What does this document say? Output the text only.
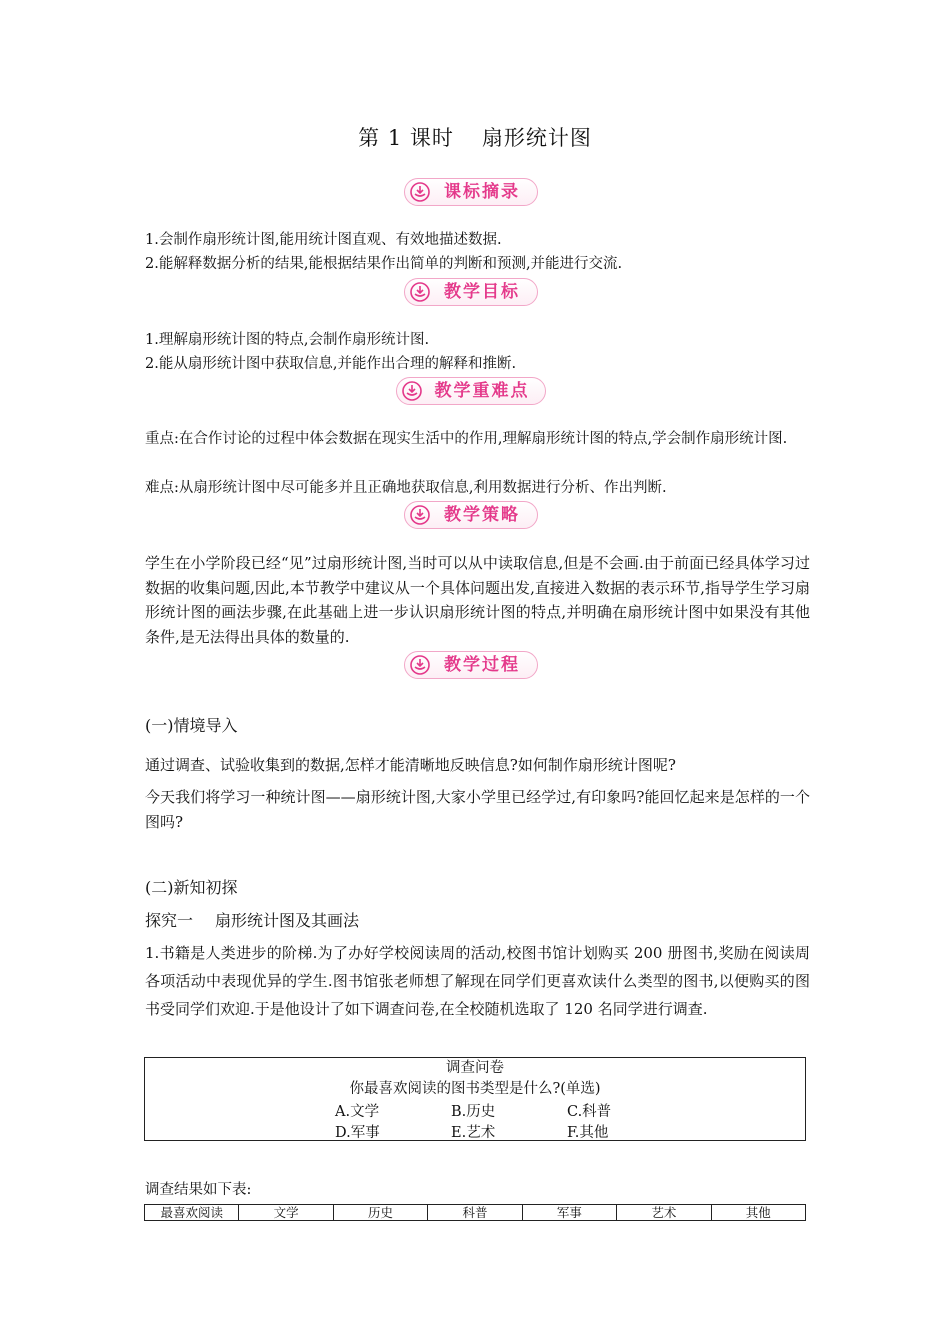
第 1 课时 扇形统计图
课标摘录
1.会制作扇形统计图,能用统计图直观、有效地描述数据.
2.能解释数据分析的结果,能根据结果作出简单的判断和预测,并能进行交流.
教学目标
1.理解扇形统计图的特点,会制作扇形统计图.
2.能从扇形统计图中获取信息,并能作出合理的解释和推断.
教学重难点
重点:在合作讨论的过程中体会数据在现实生活中的作用,理解扇形统计图的特点,学会制作扇形统计图.
难点:从扇形统计图中尽可能多并且正确地获取信息,利用数据进行分析、作出判断.
教学策略
学生在小学阶段已经“见”过扇形统计图,当时可以从中读取信息,但是不会画.由于前面已经具体学习过数据的收集问题,因此,本节教学中建议从一个具体问题出发,直接进入数据的表示环节,指导学生学习扇形统计图的画法步骤,在此基础上进一步认识扇形统计图的特点,并明确在扇形统计图中如果没有其他条件,是无法得出具体的数量的.
教学过程
(一)情境导入
通过调查、试验收集到的数据,怎样才能清晰地反映信息?如何制作扇形统计图呢?
今天我们将学习一种统计图——扇形统计图,大家小学里已经学过,有印象吗?能回忆起来是怎样的一个图吗?
(二)新知初探
探究一 扇形统计图及其画法
1.书籍是人类进步的阶梯.为了办好学校阅读周的活动,校图书馆计划购买 200 册图书,奖励在阅读周各项活动中表现优异的学生.图书馆张老师想了解现在同学们更喜欢读什么类型的图书,以便购买的图书受同学们欢迎.于是他设计了如下调查问卷,在全校随机选取了 120 名同学进行调查.
调查问卷
你最喜欢阅读的图书类型是什么?(单选)
A.文学	B.历史	C.科普
D.军事	E.艺术	F.其他
调查结果如下表:
最喜欢阅读	文学	历史	科普	军事	艺术	其他
